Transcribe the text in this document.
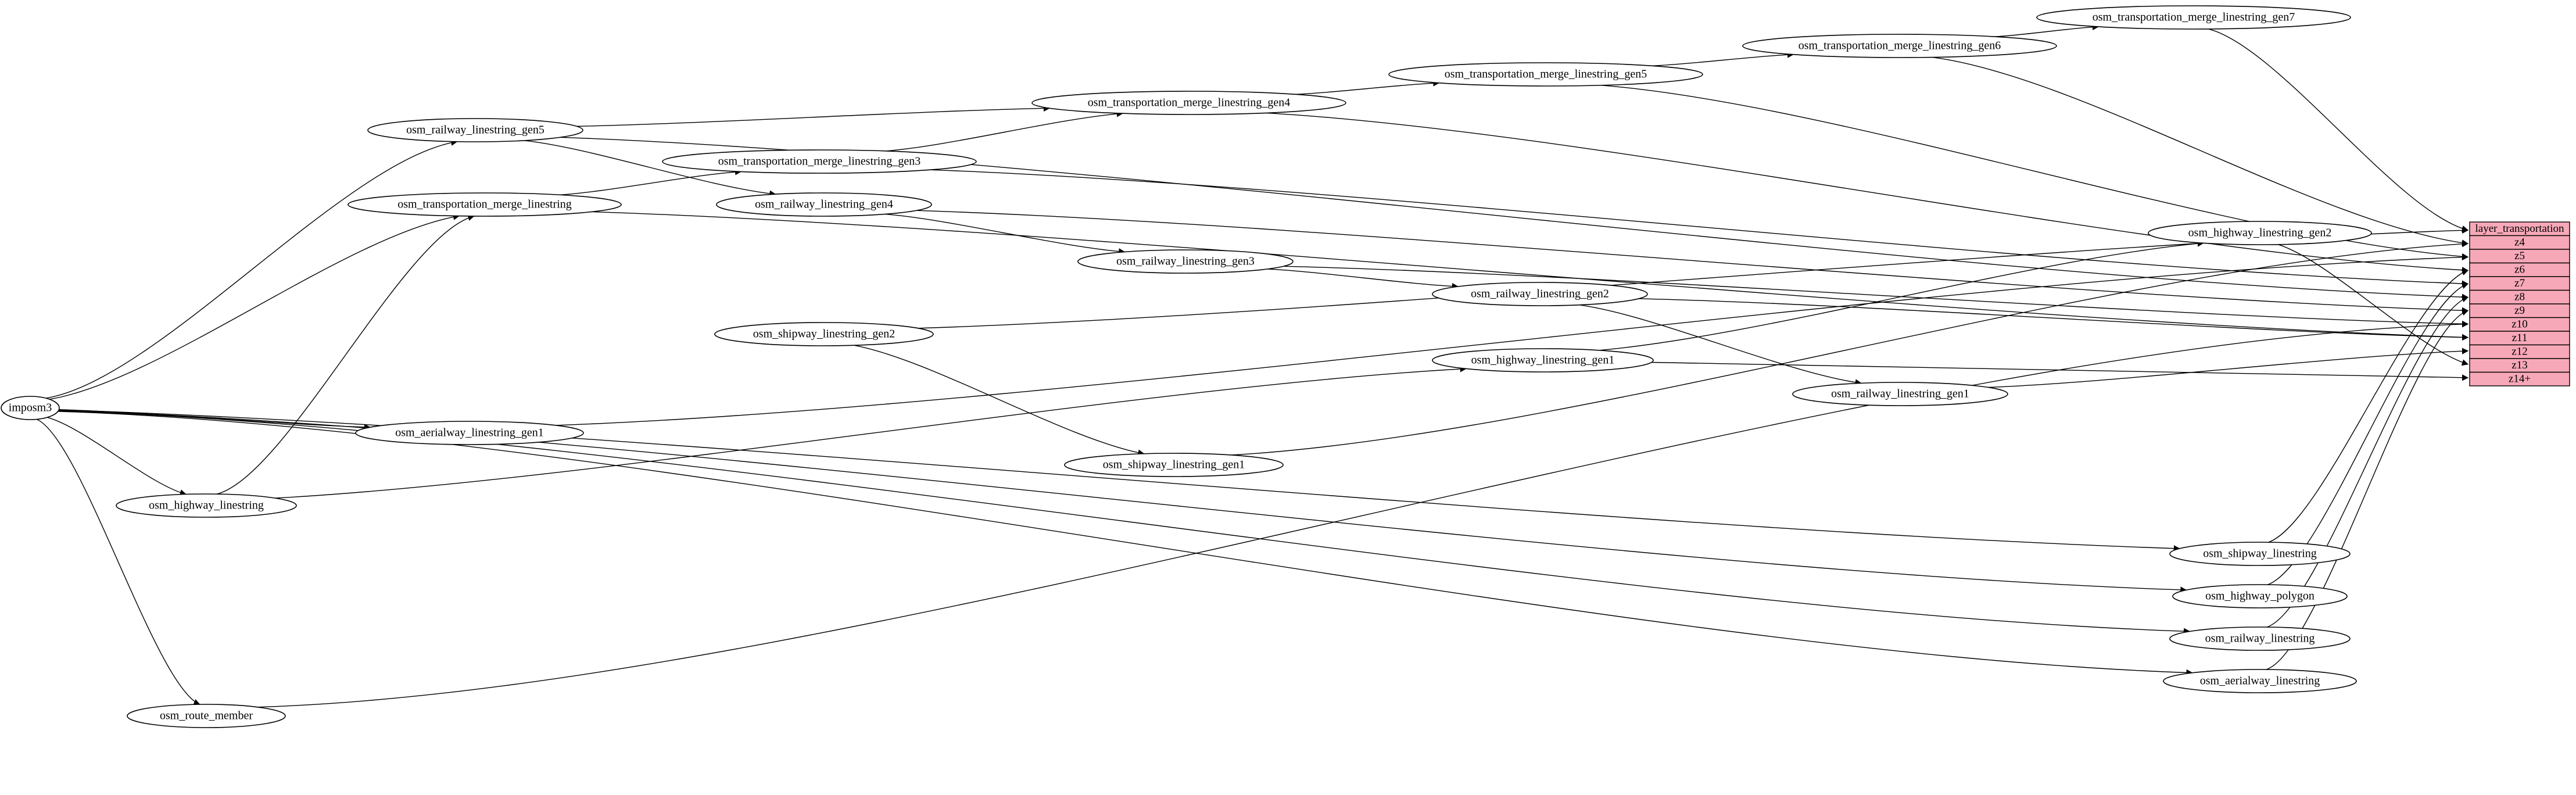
imposm3
osm_transportation_merge_linestring_gen7
osm_transportation_merge_linestring_gen6
osm_transportation_merge_linestring_gen5
osm_transportation_merge_linestring_gen4
osm_railway_linestring_gen5
osm_transportation_merge_linestring_gen3
osm_transportation_merge_linestring	osm_railway_linestring_gen4
osm_highway_linestring_gen2
osm_railway_linestring_gen3
osm_railway_linestring_gen2
osm_shipway_linestring_gen2
osm_highway_linestring_gen1
osm_railway_linestring_gen1
osm_aerialway_linestring_gen1
osm_shipway_linestring_gen1
osm_highway_linestring
osm_shipway_linestring
osm_highway_polygon
osm_railway_linestring
osm_aerialway_linestring
osm_route_member
layer_transportation
z4
z5
z6
z7
z8
z9
z10
z11
z12
z13
z14+
